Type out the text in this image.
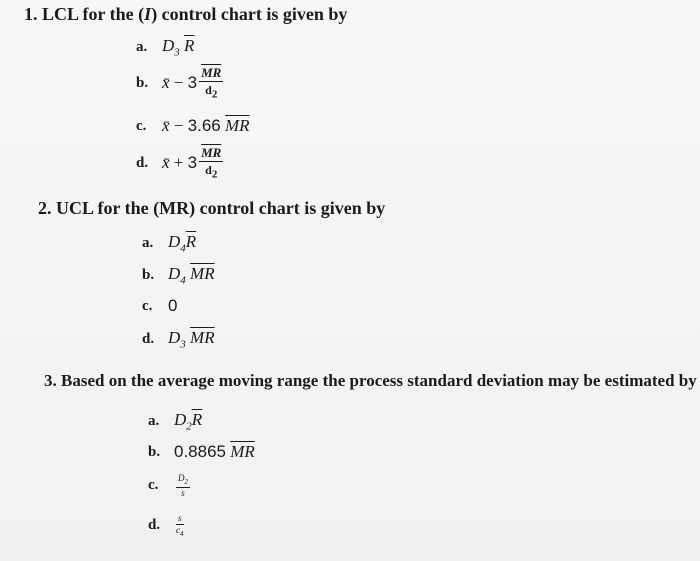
1. LCL for the (I) control chart is given by
a. $D_3$ $\overline{R}$
b. x̄
−
$3 \frac{\overline{MR}}{d_2}$
c. x̄ − 3.66 $\overline{MR}$
d. x̄
+
$3 \frac{\overline{MR}}{d_2}$
2. UCL for the (MR) control chart is given by
a. $D_4\overline{R}$
b. $D_4$ $\overline{MR}$
c. 0
d. $D_3$ $\overline{MR}$
3. Based on the average moving range the process standard deviation may be estimated by
a. $D_2\overline{R}$
b. 0.8865 $\overline{MR}$
c.	$\frac{D_2}{s}$
d.	$\frac{s}{c_4}$
